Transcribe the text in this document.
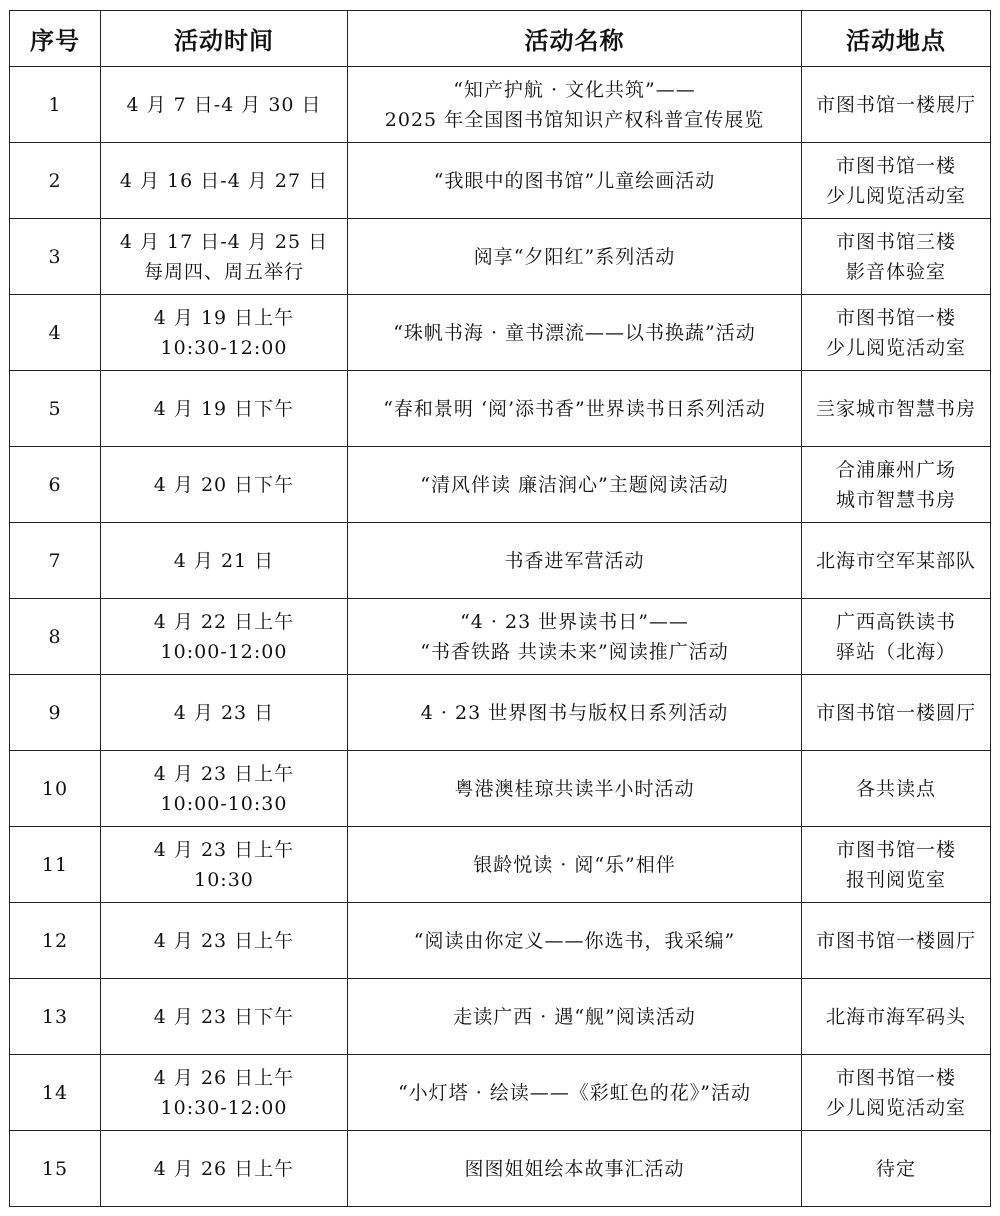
序号	活动时间	活动名称	活动地点
1	4 月 7 日-4 月 30 日	“知产护航 · 文化共筑”——
2025 年全国图书馆知识产权科普宣传展览	市图书馆一楼展厅

2	4 月 16 日-4 月 27 日	“我眼中的图书馆”儿童绘画活动	市图书馆一楼
少儿阅览活动室

3	4 月 17 日-4 月 25 日
每周四、周五举行	阅享“夕阳红”系列活动	市图书馆三楼
影音体验室

4	4 月 19 日上午
10:30-12:00	“珠帆书海 · 童书漂流——以书换蔬”活动	市图书馆一楼
少儿阅览活动室

5	4 月 19 日下午	“春和景明 ‘阅’添书香”世界读书日系列活动	亖家城市智慧书房

6	4 月 20 日下午	“清风伴读 廉洁润心”主题阅读活动	合浦廉州广场
城市智慧书房

7	4 月 21 日	书香进军营活动	北海市空军某部队

8	4 月 22 日上午
10:00-12:00	“4 · 23 世界读书日”——
“书香铁路 共读未来”阅读推广活动	广西高铁读书
驿站（北海）

9	4 月 23 日	4 · 23 世界图书与版权日系列活动	市图书馆一楼圆厅

10	4 月 23 日上午
10:00-10:30	粤港澳桂琼共读半小时活动	各共读点

11	4 月 23 日上午
10:30	银龄悦读 · 阅“乐”相伴	市图书馆一楼
报刊阅览室

12	4 月 23 日上午	“阅读由你定义——你选书，我采编”	市图书馆一楼圆厅

13	4 月 23 日下午	走读广西 · 遇“舰”阅读活动	北海市海军码头

14	4 月 26 日上午
10:30-12:00	“小灯塔 · 绘读——《彩虹色的花》”活动	市图书馆一楼
少儿阅览活动室

15	4 月 26 日上午	图图姐姐绘本故事汇活动	待定
